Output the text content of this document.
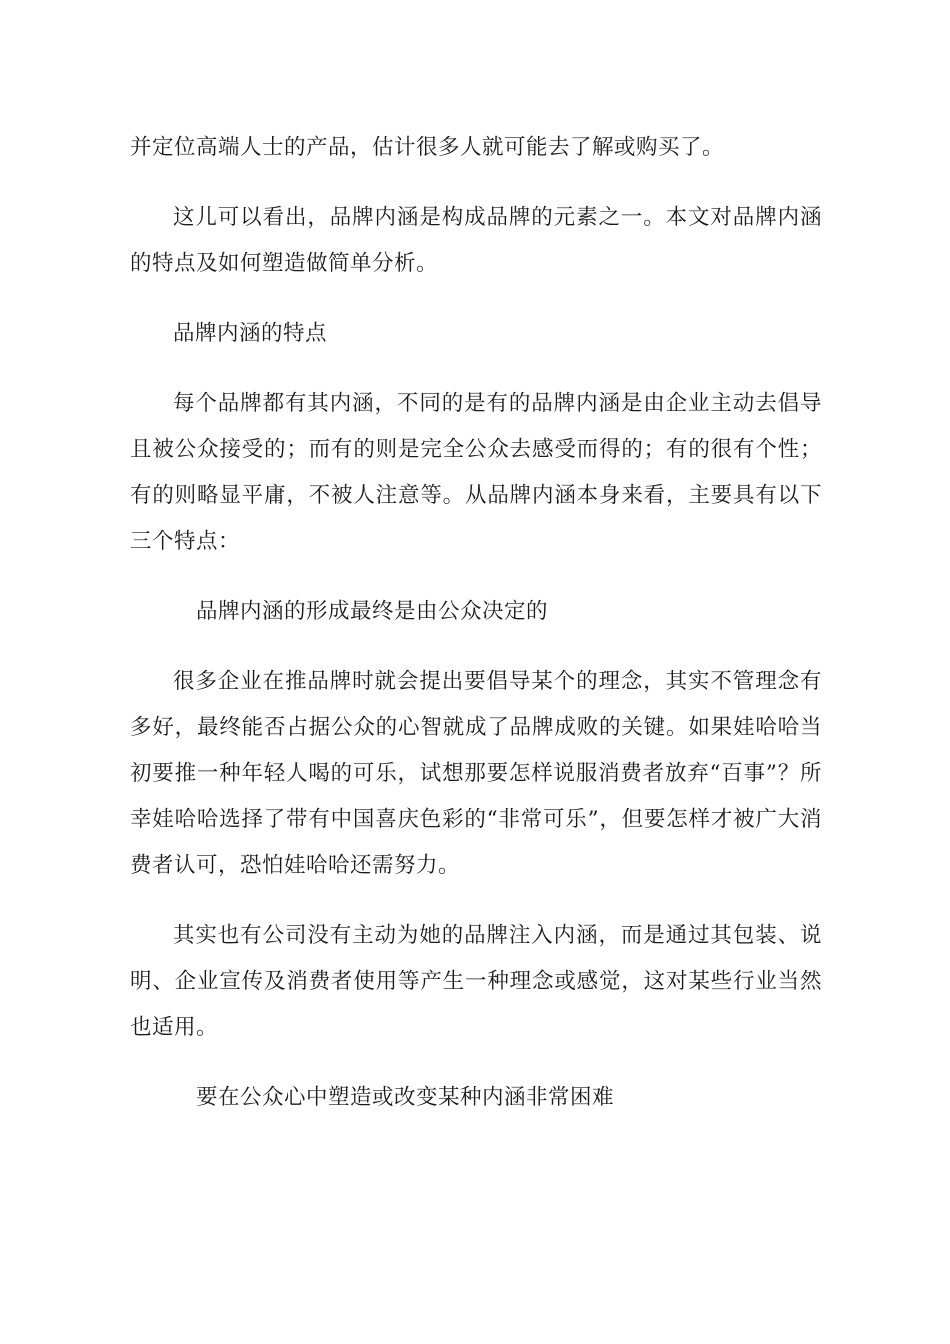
并定位高端人士的产品，估计很多人就可能去了解或购买了。

这儿可以看出，品牌内涵是构成品牌的元素之一。本文对品牌内涵的特点及如何塑造做简单分析。

品牌内涵的特点

每个品牌都有其内涵，不同的是有的品牌内涵是由企业主动去倡导且被公众接受的；而有的则是完全公众去感受而得的；有的很有个性；有的则略显平庸，不被人注意等。从品牌内涵本身来看，主要具有以下三个特点：

品牌内涵的形成最终是由公众决定的

很多企业在推品牌时就会提出要倡导某个的理念，其实不管理念有多好，最终能否占据公众的心智就成了品牌成败的关键。如果娃哈哈当初要推一种年轻人喝的可乐，试想那要怎样说服消费者放弃“百事”？所幸娃哈哈选择了带有中国喜庆色彩的“非常可乐”，但要怎样才被广大消费者认可，恐怕娃哈哈还需努力。

其实也有公司没有主动为她的品牌注入内涵，而是通过其包装、说明、企业宣传及消费者使用等产生一种理念或感觉，这对某些行业当然也适用。

要在公众心中塑造或改变某种内涵非常困难
